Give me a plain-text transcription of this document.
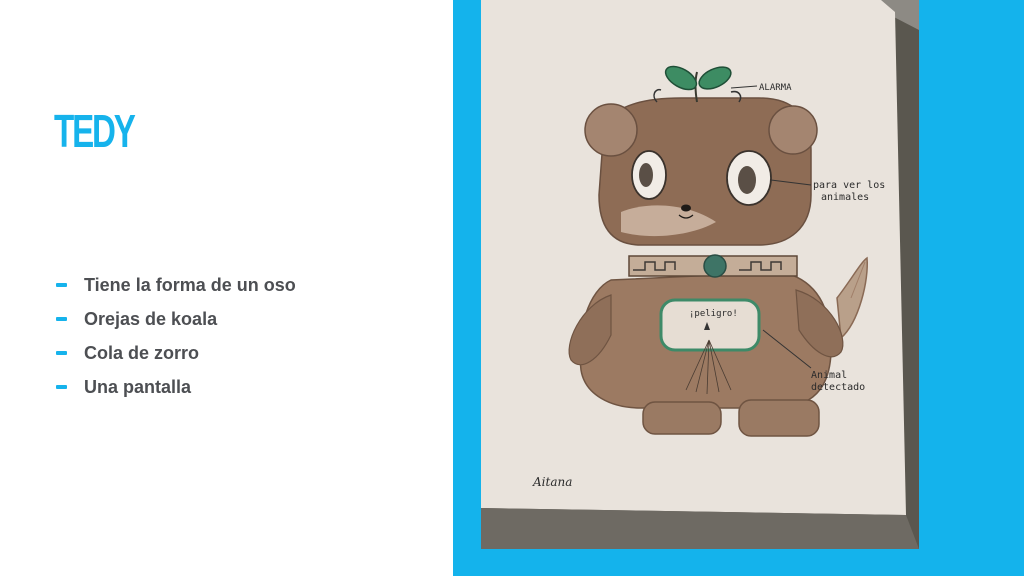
TEDY
Tiene la forma de un oso
Orejas de koala
Cola de zorro
Una pantalla
ALARMA
para ver los
animales
¡peligro!
Animal
detectado
Aitana
